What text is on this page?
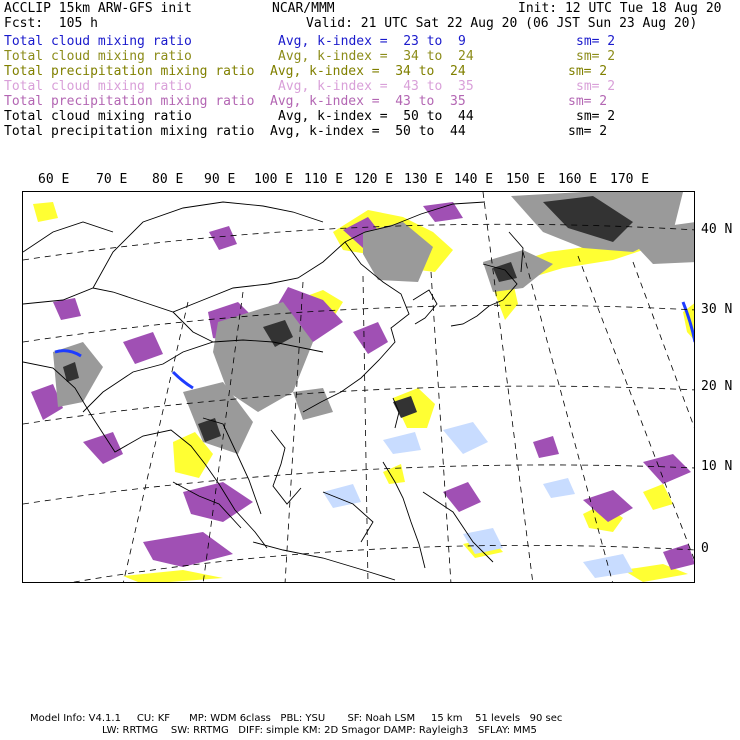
ACCLIP 15km ARW-GFS init	NCAR/MMM	Init: 12 UTC Tue 18 Aug 20
Fcst:  105 h	Valid: 21 UTC Sat 22 Aug 20 (06 JST Sun 23 Aug 20)
Total cloud mixing ratio	Avg, k-index =  23 to  9	sm= 2
Total cloud mixing ratio	Avg, k-index =  34 to  24	sm= 2
Total precipitation mixing ratio Avg, k-index =  34 to  24	sm= 2
Total cloud mixing ratio	Avg, k-index =  43 to  35	sm= 2
Total precipitation mixing ratio Avg, k-index =  43 to  35	sm= 2
Total cloud mixing ratio	Avg, k-index =  50 to  44	sm= 2
Total precipitation mixing ratio Avg, k-index =  50 to  44	sm= 2
60 E 70 E 80 E 90 E 100 E 110 E 120 E 130 E 140 E 150 E 160 E 170 E
40 N
30 N
20 N
10 N
0
Model Info: V4.1.1     CU: KF      MP: WDM 6class   PBL: YSU       SF: Noah LSM     15 km    51 levels   90 sec
LW: RRTMG    SW: RRTMG   DIFF: simple KM: 2D Smagor DAMP: Rayleigh3   SFLAY: MM5
